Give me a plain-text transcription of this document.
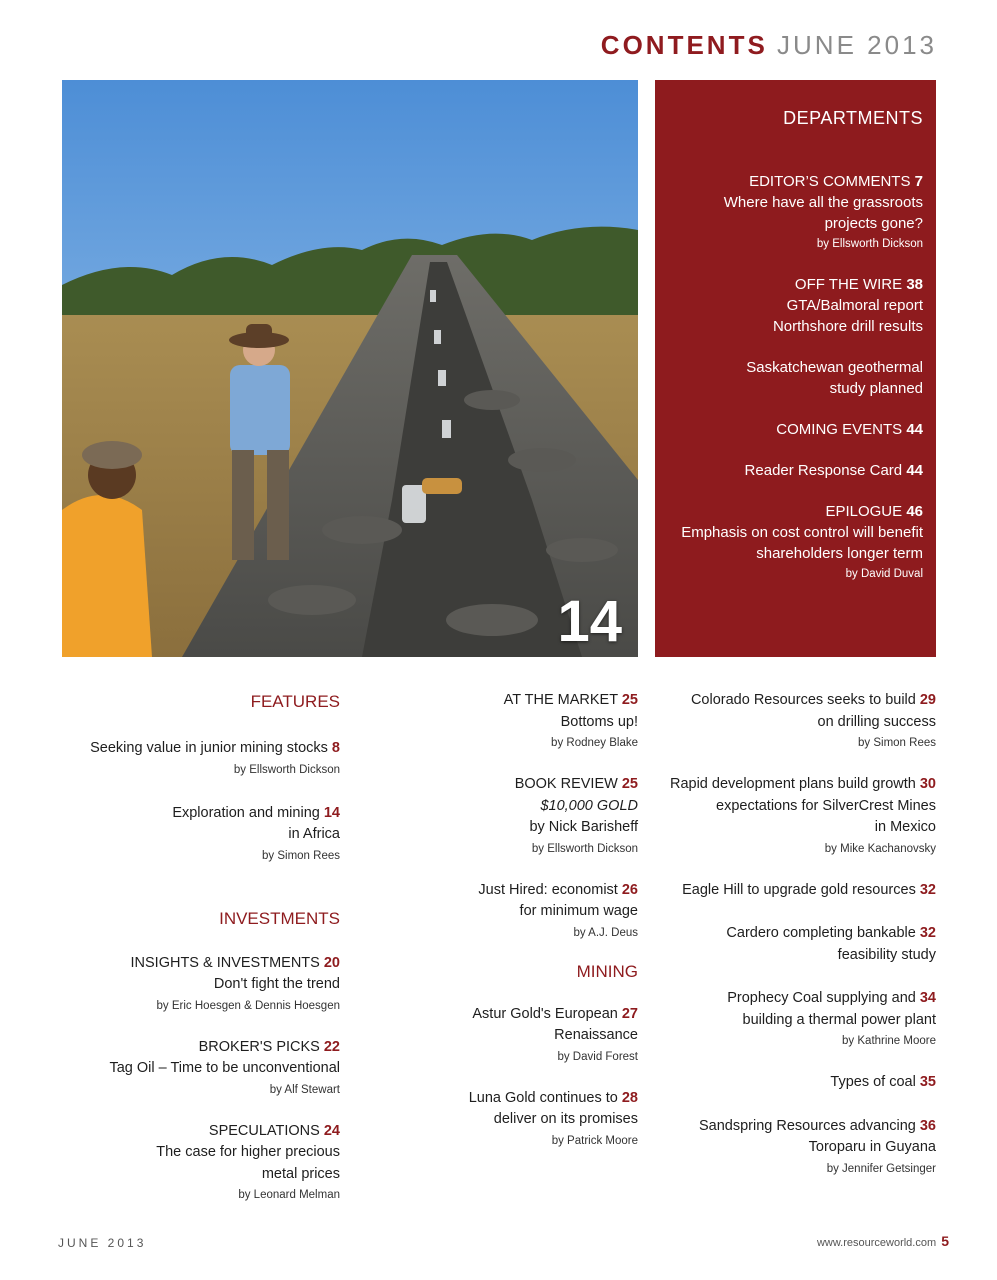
CONTENTS JUNE 2013
14
DEPARTMENTS
EDITOR’S COMMENTS 7
Where have all the grassroots
projects gone?
by Ellsworth Dickson
OFF THE WIRE 38
GTA/Balmoral report
Northshore drill results
Saskatchewan geothermal
study planned
COMING EVENTS 44
Reader Response Card 44
EPILOGUE 46
Emphasis on cost control will benefit
shareholders longer term
by David Duval
FEATURES
Seeking value in junior mining stocks 8
by Ellsworth Dickson
Exploration and mining 14
in Africa
by Simon Rees
INVESTMENTS
INSIGHTS & INVESTMENTS 20
Don't fight the trend
by Eric Hoesgen & Dennis Hoesgen
BROKER'S PICKS 22
Tag Oil – Time to be unconventional
by Alf Stewart
SPECULATIONS 24
The case for higher precious
metal prices
by Leonard Melman
AT THE MARKET 25
Bottoms up!
by Rodney Blake
BOOK REVIEW 25
$10,000 GOLD
by Nick Barisheff
by Ellsworth Dickson
Just Hired: economist 26
for minimum wage
by A.J. Deus
MINING
Astur Gold's European 27
Renaissance
by David Forest
Luna Gold continues to 28
deliver on its promises
by Patrick Moore
Colorado Resources seeks to build 29
on drilling success
by Simon Rees
Rapid development plans build growth 30
expectations for SilverCrest Mines
in Mexico
by Mike Kachanovsky
Eagle Hill to upgrade gold resources 32
Cardero completing bankable 32
feasibility study
Prophecy Coal supplying and 34
building a thermal power plant
by Kathrine Moore
Types of coal 35
Sandspring Resources advancing 36
Toroparu in Guyana
by Jennifer Getsinger
JUNE 2013	www.resourceworld.com 5
